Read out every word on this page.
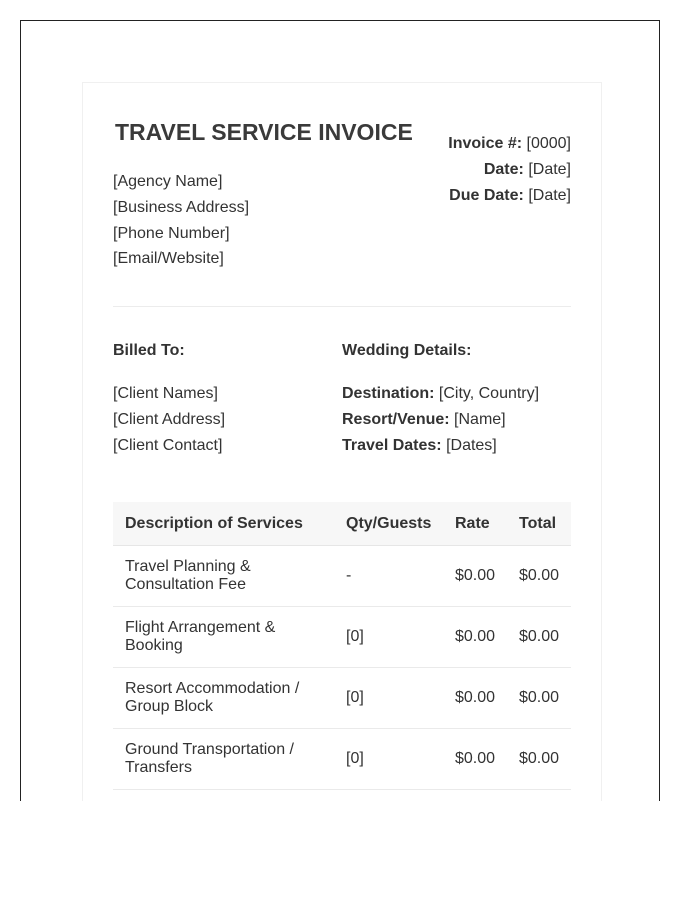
TRAVEL SERVICE INVOICE
[Agency Name]
[Business Address]
[Phone Number]
[Email/Website]
Invoice #: [0000]
Date: [Date]
Due Date: [Date]
Billed To:
[Client Names]
[Client Address]
[Client Contact]
Wedding Details:
Destination: [City, Country]
Resort/Venue: [Name]
Travel Dates: [Dates]
Description of Services	Qty/Guests	Rate	Total
Travel Planning & Consultation Fee	-	$0.00	$0.00
Flight Arrangement & Booking	[0]	$0.00	$0.00
Resort Accommodation / Group Block	[0]	$0.00	$0.00
Ground Transportation / Transfers	[0]	$0.00	$0.00
